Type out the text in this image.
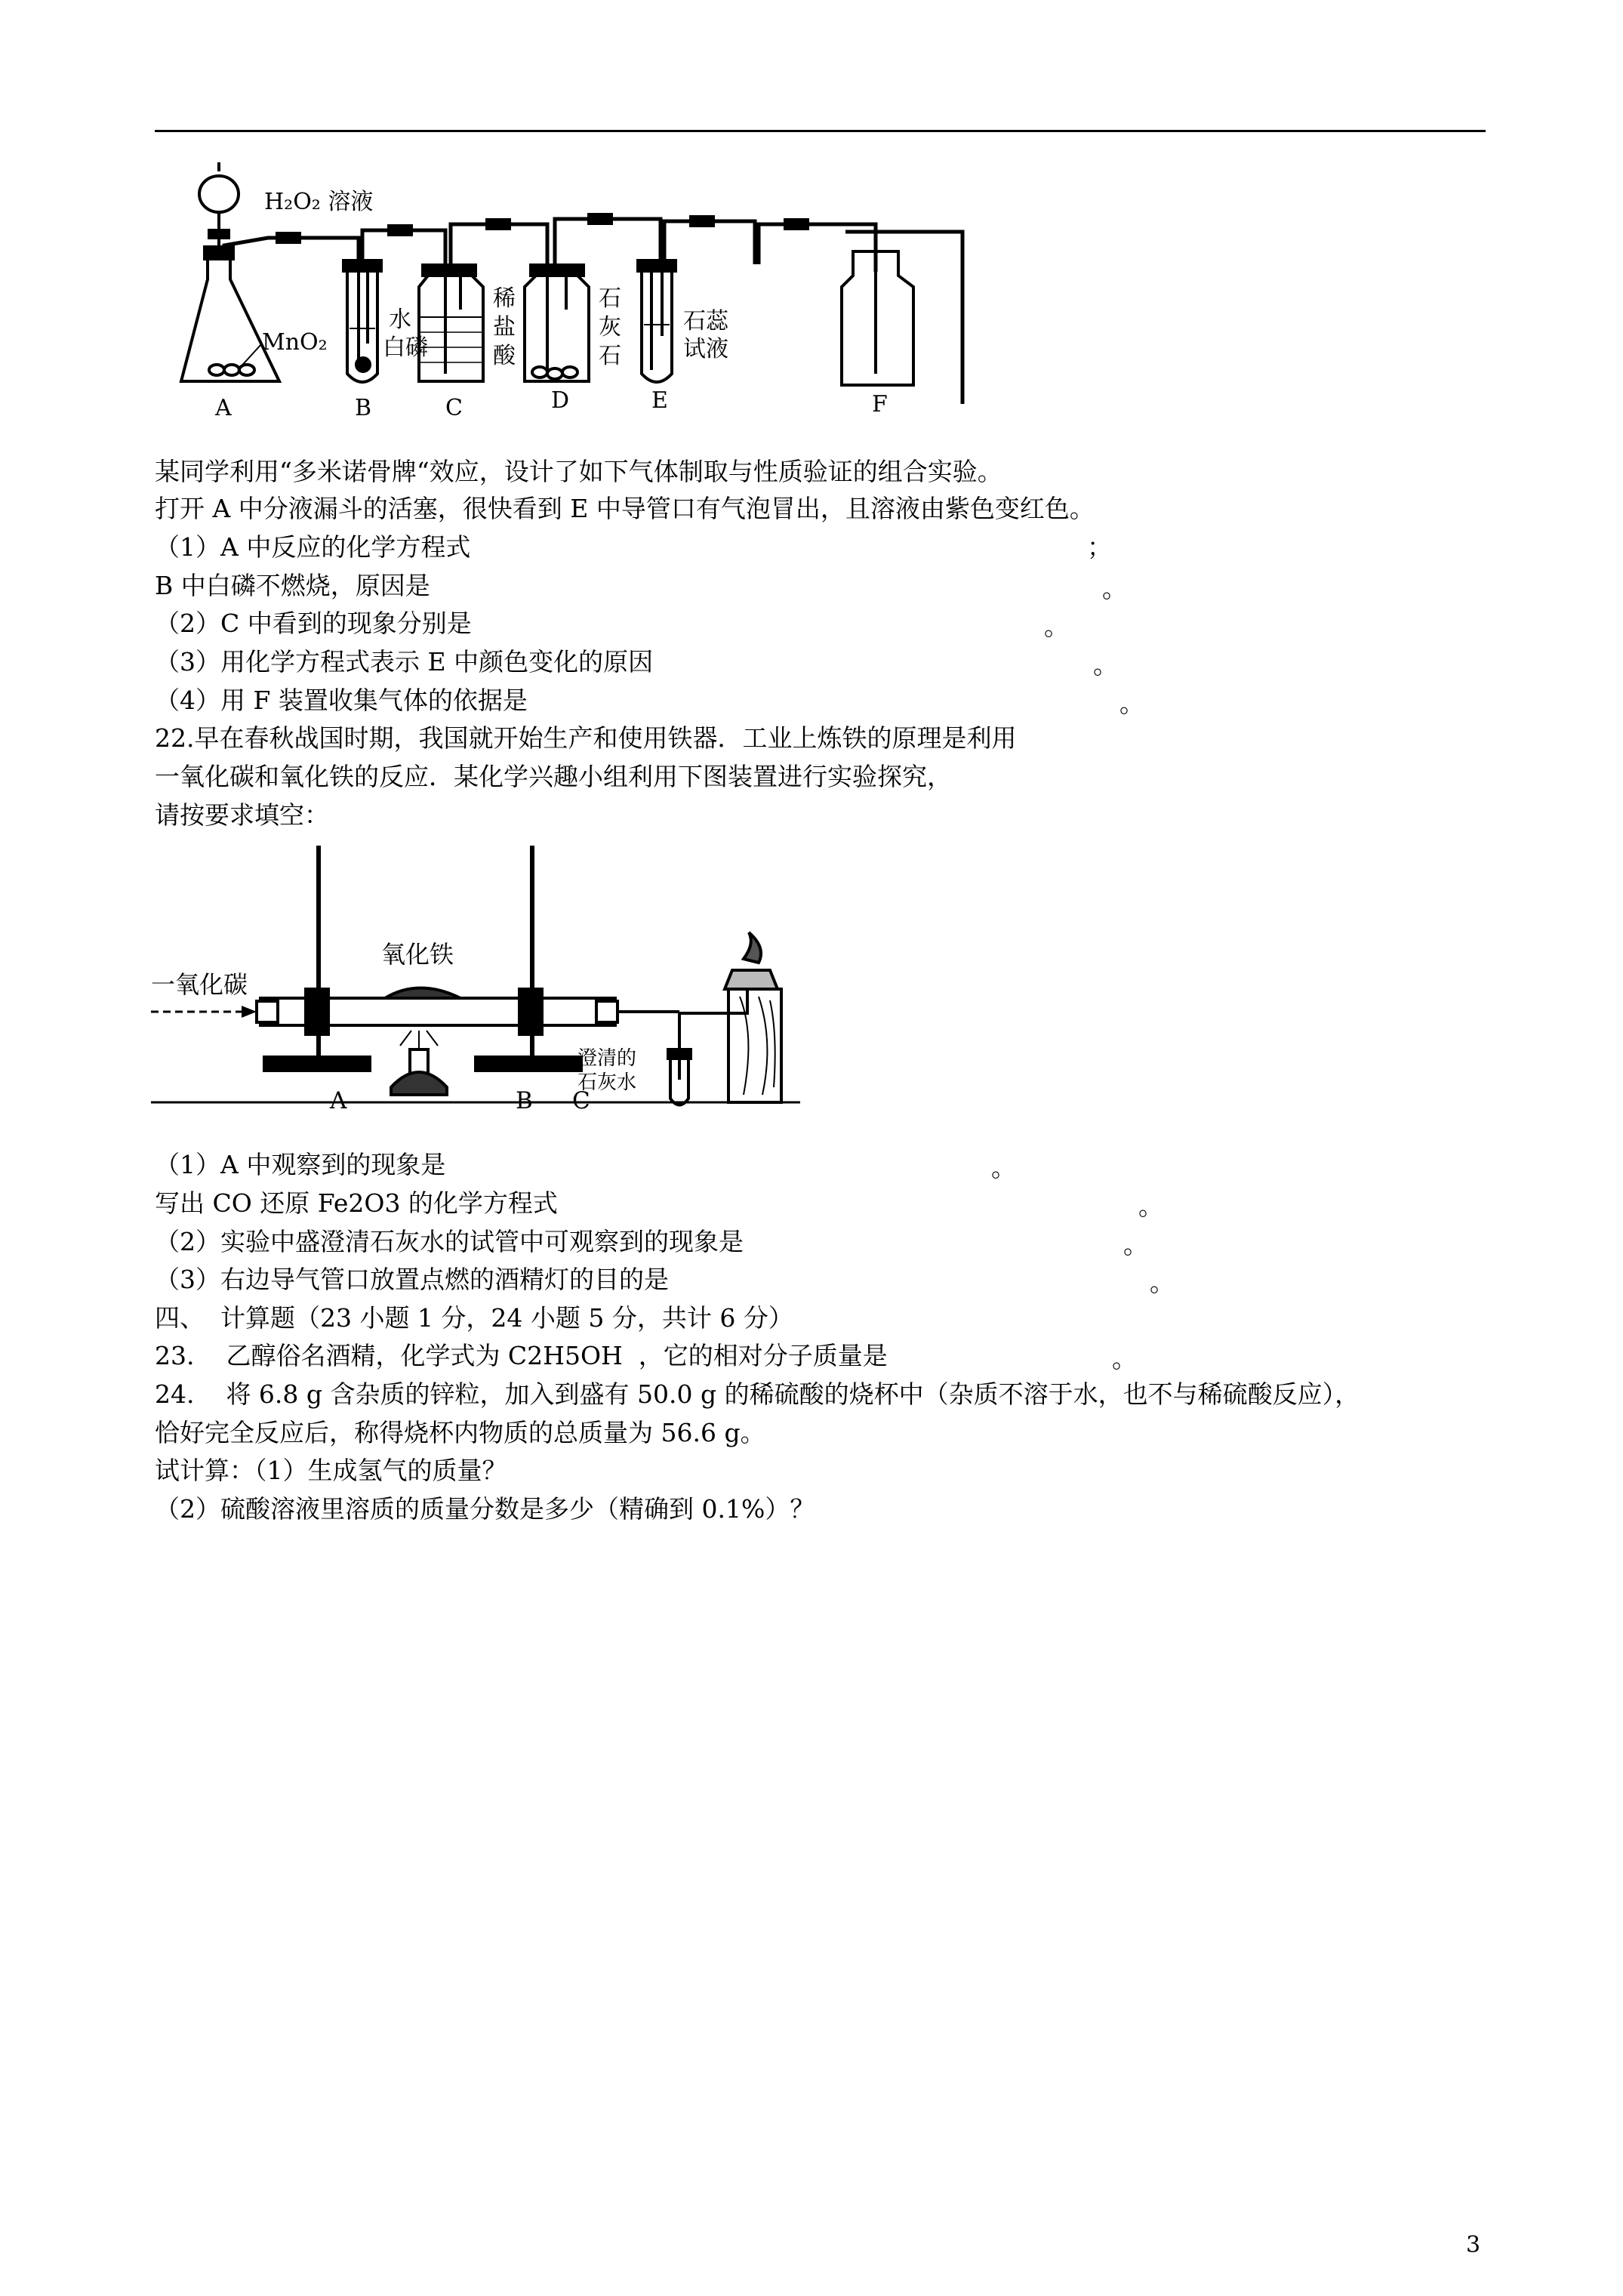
H₂O₂ 溶液
MnO₂
水
白磷
稀
盐
酸
石
灰
石
石蕊
试液
A	B	C	D	E	F
某同学利用“多米诺骨牌“效应，设计了如下气体制取与性质验证的组合实验。
打开 A 中分液漏斗的活塞，很快看到 E 中导管口有气泡冒出，且溶液由紫色变红色。
（1）A 中反应的化学方程式	；
B 中白磷不燃烧，原因是	。
（2）C 中看到的现象分别是	。
（3）用化学方程式表示 E 中颜色变化的原因	。
（4）用 F 装置收集气体的依据是	。
22.早在春秋战国时期，我国就开始生产和使用铁器．工业上炼铁的原理是利用
一氧化碳和氧化铁的反应．某化学兴趣小组利用下图装置进行实验探究，
请按要求填空：
一氧化碳
氧化铁
澄清的
石灰水
A	B C
（1）A 中观察到的现象是	。
写出 CO 还原 Fe2O3 的化学方程式	。
（2）实验中盛澄清石灰水的试管中可观察到的现象是	。
（3）右边导气管口放置点燃的酒精灯的目的是	。
四、  计算题（23 小题 1 分，24 小题 5 分，共计 6 分）
23.    乙醇俗名酒精，化学式为 C2H5OH  ，它的相对分子质量是	。
24.    将 6.8 g 含杂质的锌粒，加入到盛有 50.0 g 的稀硫酸的烧杯中（杂质不溶于水，也不与稀硫酸反应），
恰好完全反应后，称得烧杯内物质的总质量为 56.6 g。
试计算：（1）生成氢气的质量？
（2）硫酸溶液里溶质的质量分数是多少（精确到 0.1%）？
3
